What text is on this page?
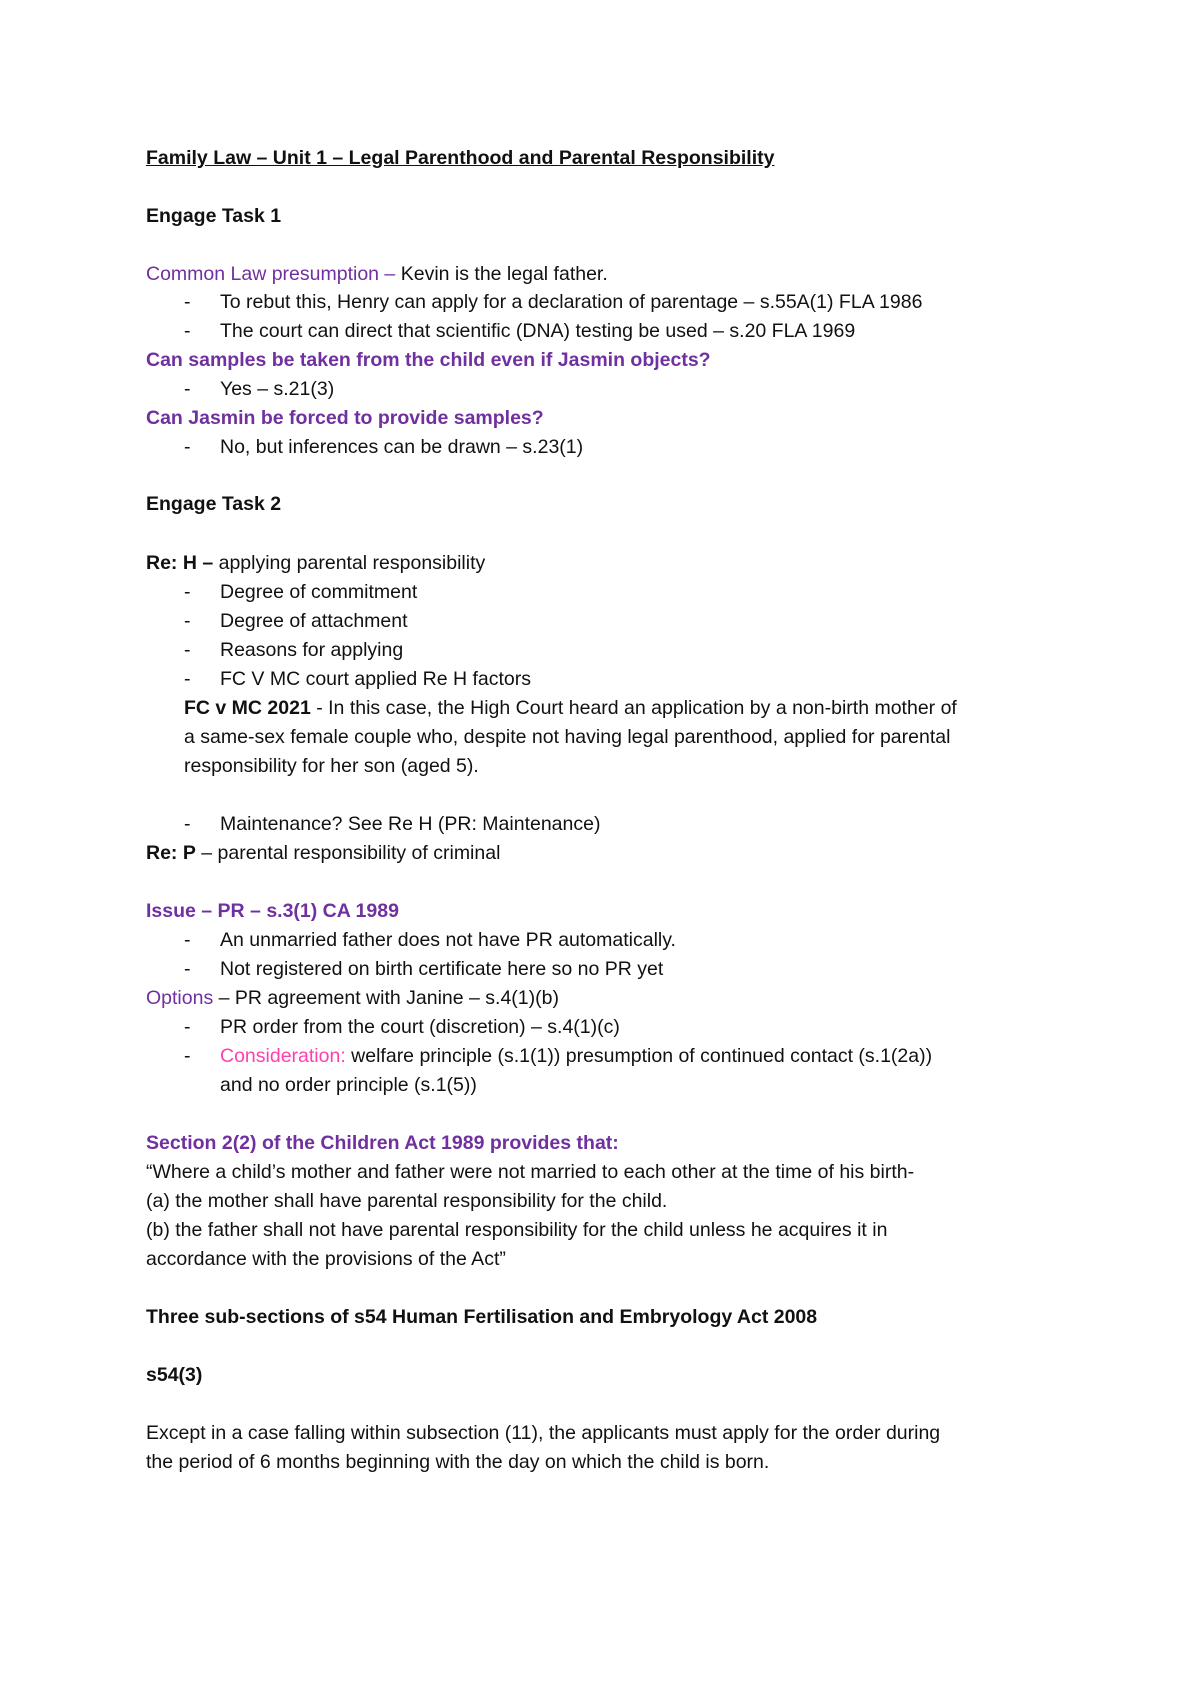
Family Law – Unit 1 – Legal Parenthood and Parental Responsibility
Engage Task 1
Common Law presumption – Kevin is the legal father.
- To rebut this, Henry can apply for a declaration of parentage – s.55A(1) FLA 1986
- The court can direct that scientific (DNA) testing be used – s.20 FLA 1969
Can samples be taken from the child even if Jasmin objects?
- Yes – s.21(3)
Can Jasmin be forced to provide samples?
- No, but inferences can be drawn – s.23(1)
Engage Task 2
Re: H – applying parental responsibility
- Degree of commitment
- Degree of attachment
- Reasons for applying
- FC V MC court applied Re H factors
FC v MC 2021 - In this case, the High Court heard an application by a non-birth mother of
a same-sex female couple who, despite not having legal parenthood, applied for parental
responsibility for her son (aged 5).
- Maintenance? See Re H (PR: Maintenance)
Re: P – parental responsibility of criminal
Issue – PR – s.3(1) CA 1989
- An unmarried father does not have PR automatically.
- Not registered on birth certificate here so no PR yet
Options – PR agreement with Janine – s.4(1)(b)
- PR order from the court (discretion) – s.4(1)(c)
- Consideration: welfare principle (s.1(1)) presumption of continued contact (s.1(2a))
and no order principle (s.1(5))
Section 2(2) of the Children Act 1989 provides that:
“Where a child’s mother and father were not married to each other at the time of his birth-
(a) the mother shall have parental responsibility for the child.
(b) the father shall not have parental responsibility for the child unless he acquires it in
accordance with the provisions of the Act”
Three sub-sections of s54 Human Fertilisation and Embryology Act 2008
s54(3)
Except in a case falling within subsection (11), the applicants must apply for the order during
the period of 6 months beginning with the day on which the child is born.
